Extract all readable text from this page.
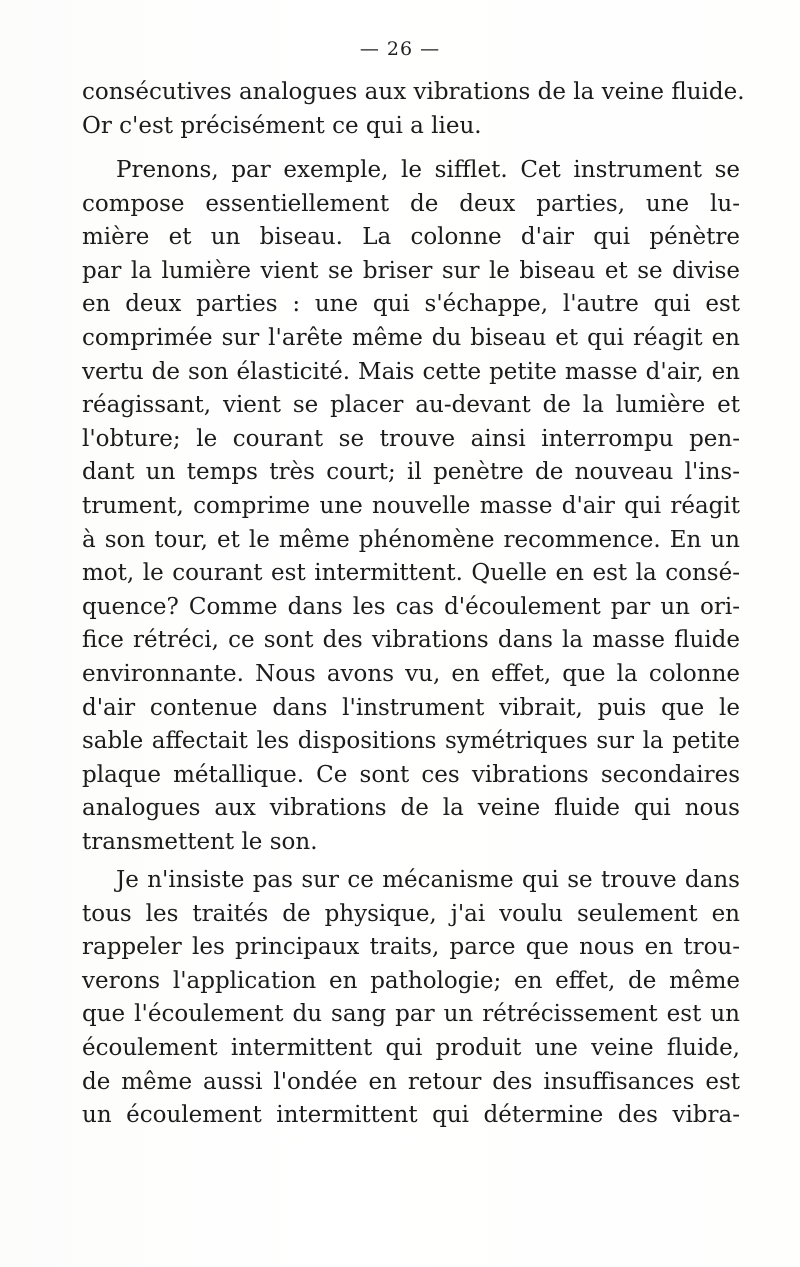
— 26 —
consécutives analogues aux vibrations de la veine fluide.
Or c'est précisément ce qui a lieu.
Prenons, par exemple, le sifflet. Cet instrument se
compose essentiellement de deux parties, une lu-
mière et un biseau. La colonne d'air qui pénètre
par la lumière vient se briser sur le biseau et se divise
en deux parties : une qui s'échappe, l'autre qui est
comprimée sur l'arête même du biseau et qui réagit en
vertu de son élasticité. Mais cette petite masse d'air, en
réagissant, vient se placer au-devant de la lumière et
l'obture; le courant se trouve ainsi interrompu pen-
dant un temps très court; il penètre de nouveau l'ins-
trument, comprime une nouvelle masse d'air qui réagit
à son tour, et le même phénomène recommence. En un
mot, le courant est intermittent. Quelle en est la consé-
quence? Comme dans les cas d'écoulement par un ori-
fice rétréci, ce sont des vibrations dans la masse fluide
environnante. Nous avons vu, en effet, que la colonne
d'air contenue dans l'instrument vibrait, puis que le
sable affectait les dispositions symétriques sur la petite
plaque métallique. Ce sont ces vibrations secondaires
analogues aux vibrations de la veine fluide qui nous
transmettent le son.
Je n'insiste pas sur ce mécanisme qui se trouve dans
tous les traités de physique, j'ai voulu seulement en
rappeler les principaux traits, parce que nous en trou-
verons l'application en pathologie; en effet, de même
que l'écoulement du sang par un rétrécissement est un
écoulement intermittent qui produit une veine fluide,
de même aussi l'ondée en retour des insuffisances est
un écoulement intermittent qui détermine des vibra-
